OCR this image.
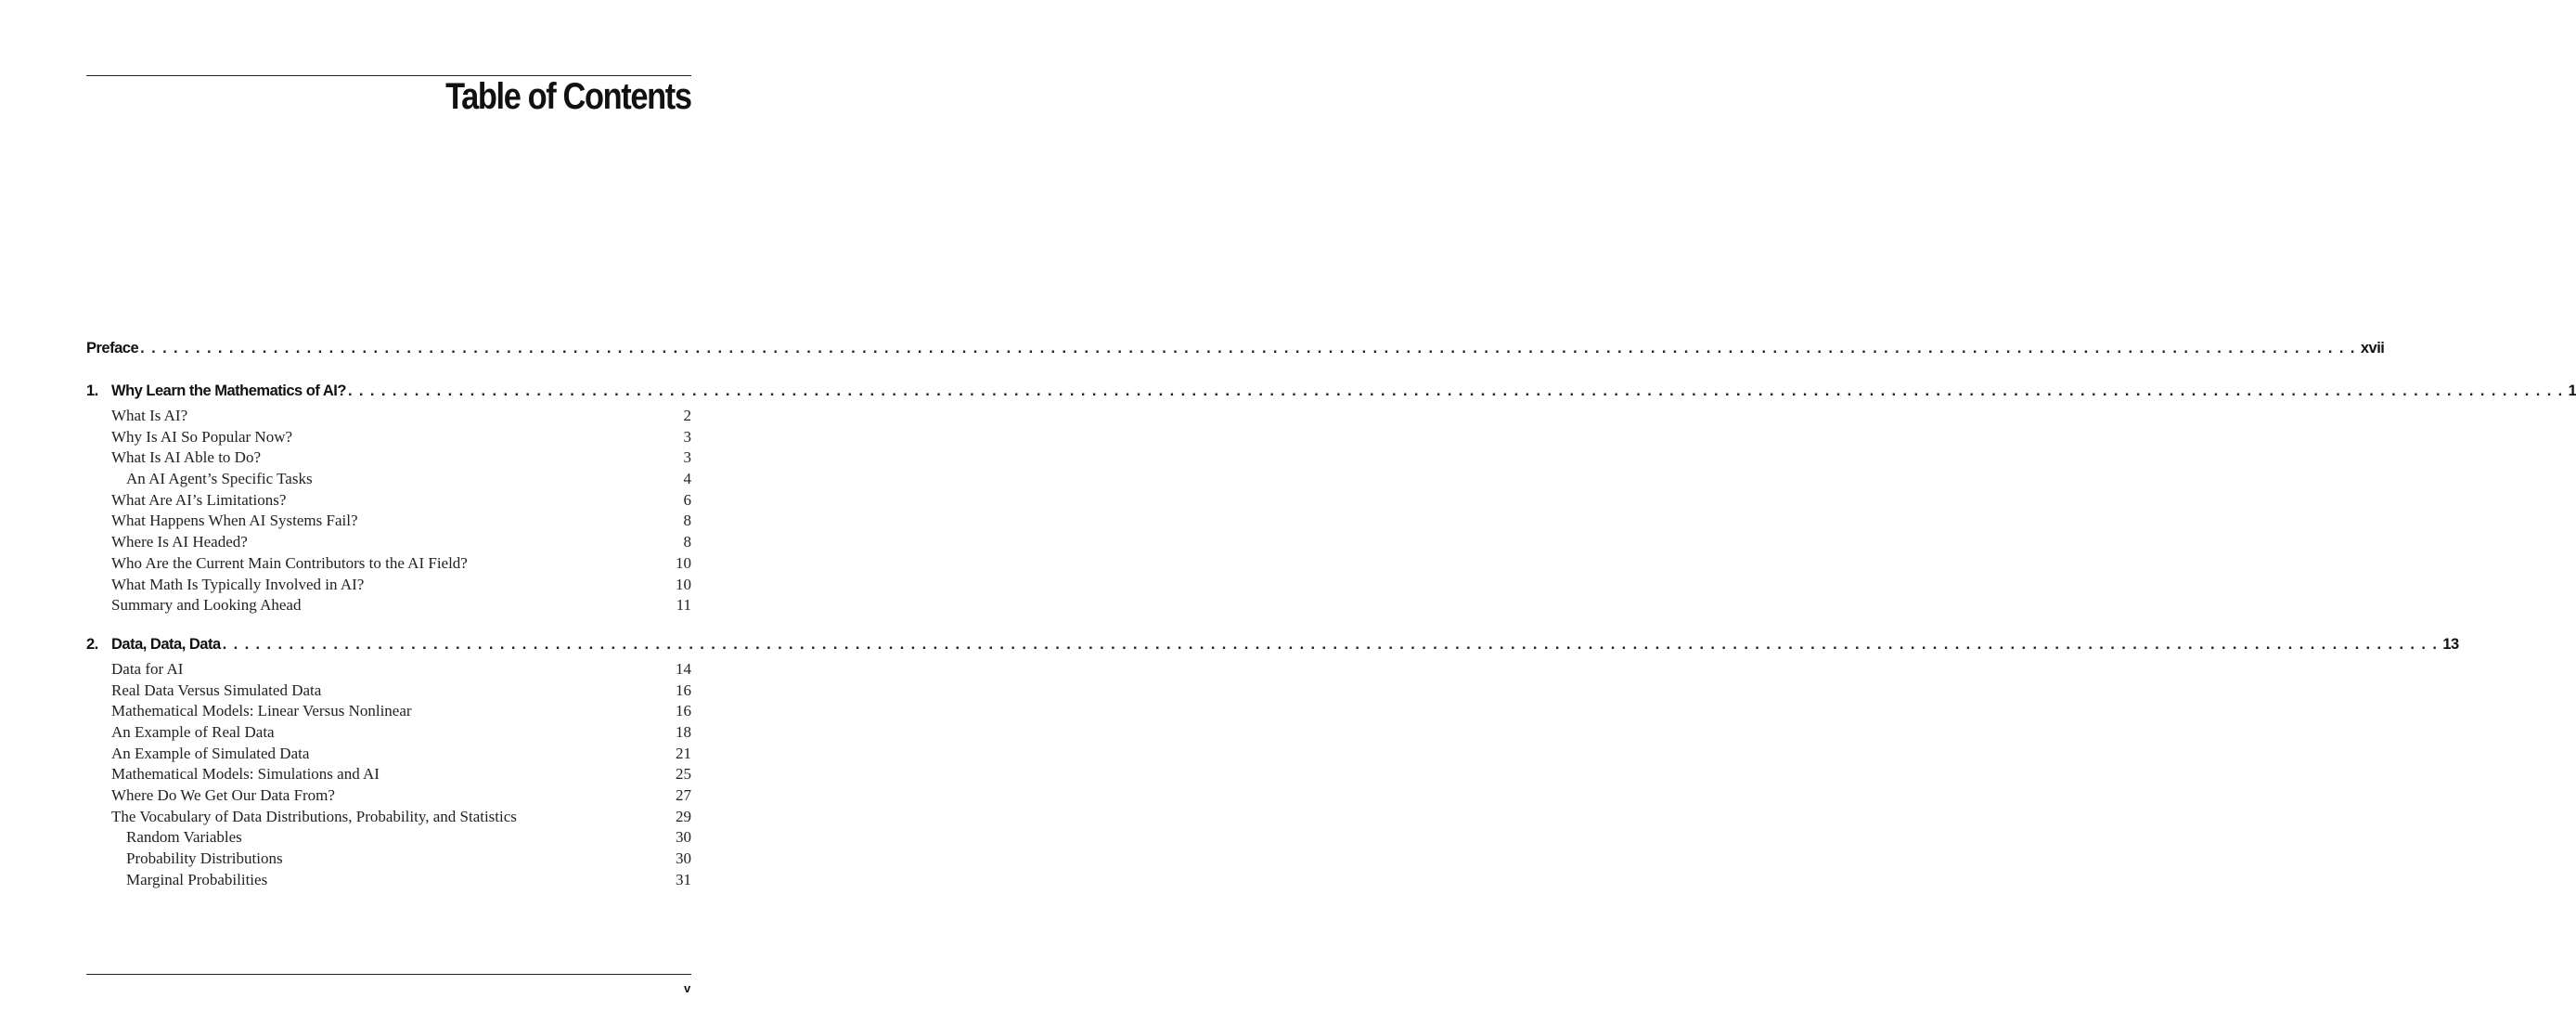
Table of Contents
Preface . . . . . . . . . . . . . . . . . . . . . . . . . . . . . . . . . . . . . . . . . . . . . . . . . . . . . . . . . . . . . . . . . . . . . . . . . . . . . . . . . . . . . . . . . . . . . . . . . . . . . . . . . . . . . . . . . . . . . . . . . . . . . . . . . . . . . . . . . . . . . . . . . . . . . . . . . . . . . . . . . . . . . . . . . . . . . . . . . . . . . . . . . . . . . . . . . . . . . . . . xvii
1. Why Learn the Mathematics of AI? . . . . . . . . . . . . . . . . . . . . . . . . . . . . . . . . . . . . . . . . . . . . . . . . . . . . . . . . . . . . . . . . . . . . . . . . . . . . . . . . . . . . . . . . . . . . . . . . . . . . . . . . . . . . . . . . . . . . . . . . . . . . . . . . . . . . . . . . . . . . . . . . . . . . . . . . . . . . . . . . . . . . . . . . . . . . . . . . . . . . . . . . . . . . . . . . . . . . . . . . 1
What Is AI?	2
Why Is AI So Popular Now?	3
What Is AI Able to Do?	3
An AI Agent’s Specific Tasks	4
What Are AI’s Limitations?	6
What Happens When AI Systems Fail?	8
Where Is AI Headed?	8
Who Are the Current Main Contributors to the AI Field?	10
What Math Is Typically Involved in AI?	10
Summary and Looking Ahead	11
2. Data, Data, Data . . . . . . . . . . . . . . . . . . . . . . . . . . . . . . . . . . . . . . . . . . . . . . . . . . . . . . . . . . . . . . . . . . . . . . . . . . . . . . . . . . . . . . . . . . . . . . . . . . . . . . . . . . . . . . . . . . . . . . . . . . . . . . . . . . . . . . . . . . . . . . . . . . . . . . . . . . . . . . . . . . . . . . . . . . . . . . . . . . . . . . . . . . . . . . . . . . . . . . . . 13
Data for AI	14
Real Data Versus Simulated Data	16
Mathematical Models: Linear Versus Nonlinear	16
An Example of Real Data	18
An Example of Simulated Data	21
Mathematical Models: Simulations and AI	25
Where Do We Get Our Data From?	27
The Vocabulary of Data Distributions, Probability, and Statistics	29
Random Variables	30
Probability Distributions	30
Marginal Probabilities	31
v
